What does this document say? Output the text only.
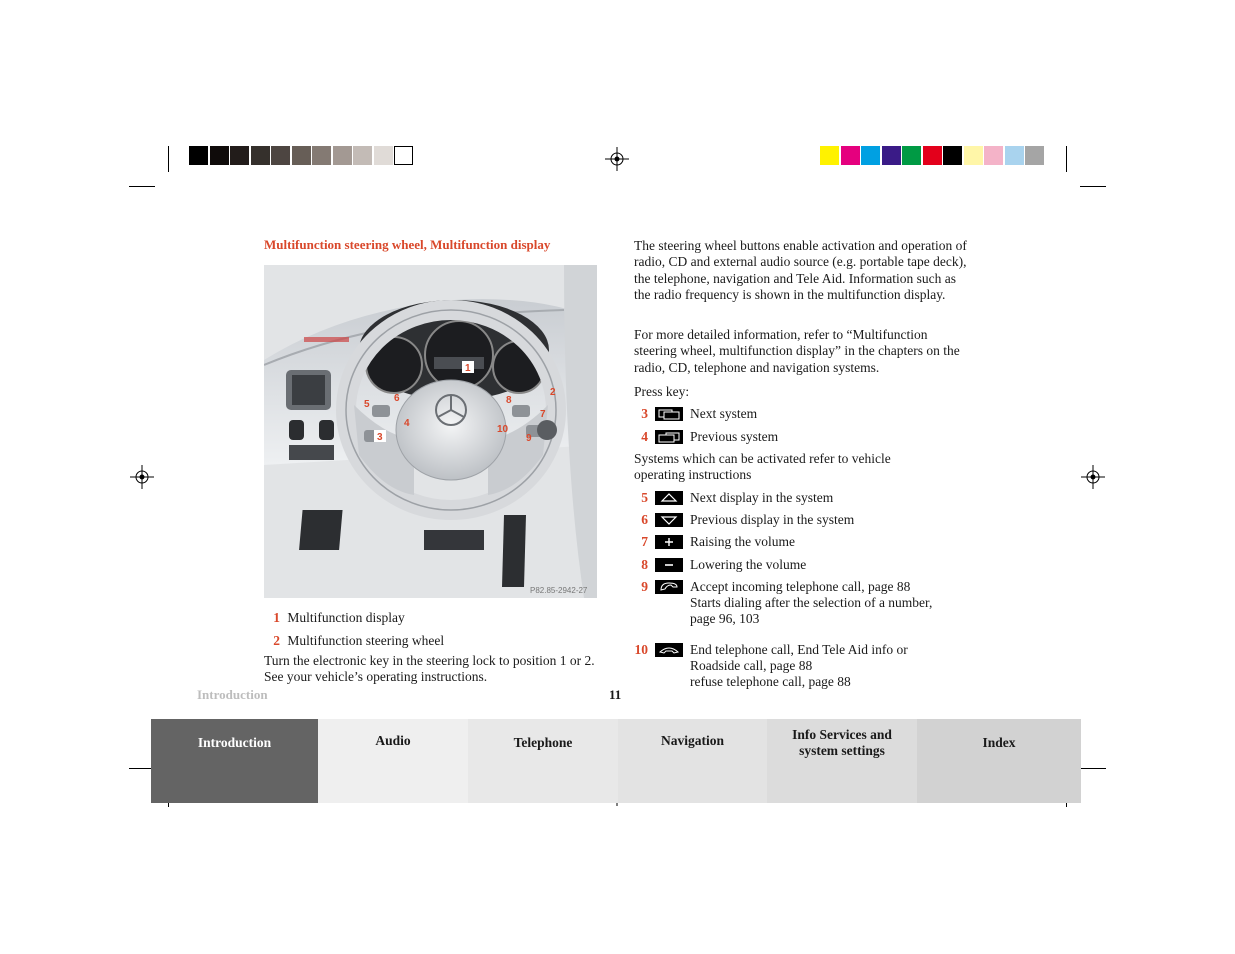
Multifunction steering wheel, Multifunction display
1
2
3
4
5
6
7
8
9
10
P82.85-2942-27
1 Multifunction display
2 Multifunction steering wheel
Turn the electronic key in the steering lock to position 1 or 2. See your vehicle’s operating instructions.

The steering wheel buttons enable activation and operation of radio, CD and external audio source (e.g. portable tape deck), the telephone, navigation and Tele Aid. Information such as the radio frequency is shown in the multifunction display.

For more detailed information, refer to “Multifunction steering wheel, multifunction display” in the chapters on the radio, CD, telephone and navigation systems.

Press key:

3	Next system
4	Previous system

Systems which can be activated refer to vehicle operating instructions

5	Next display in the system
6	Previous display in the system
7	Raising the volume
8	Lowering the volume
9	Accept incoming telephone call, page 88
Starts dialing after the selection of a number,
page 96, 103
10	End telephone call, End Tele Aid info or
Roadside call, page 88
refuse telephone call, page 88
Introduction	11
Introduction	Audio	Telephone	Navigation	Info Services and system settings
Index
